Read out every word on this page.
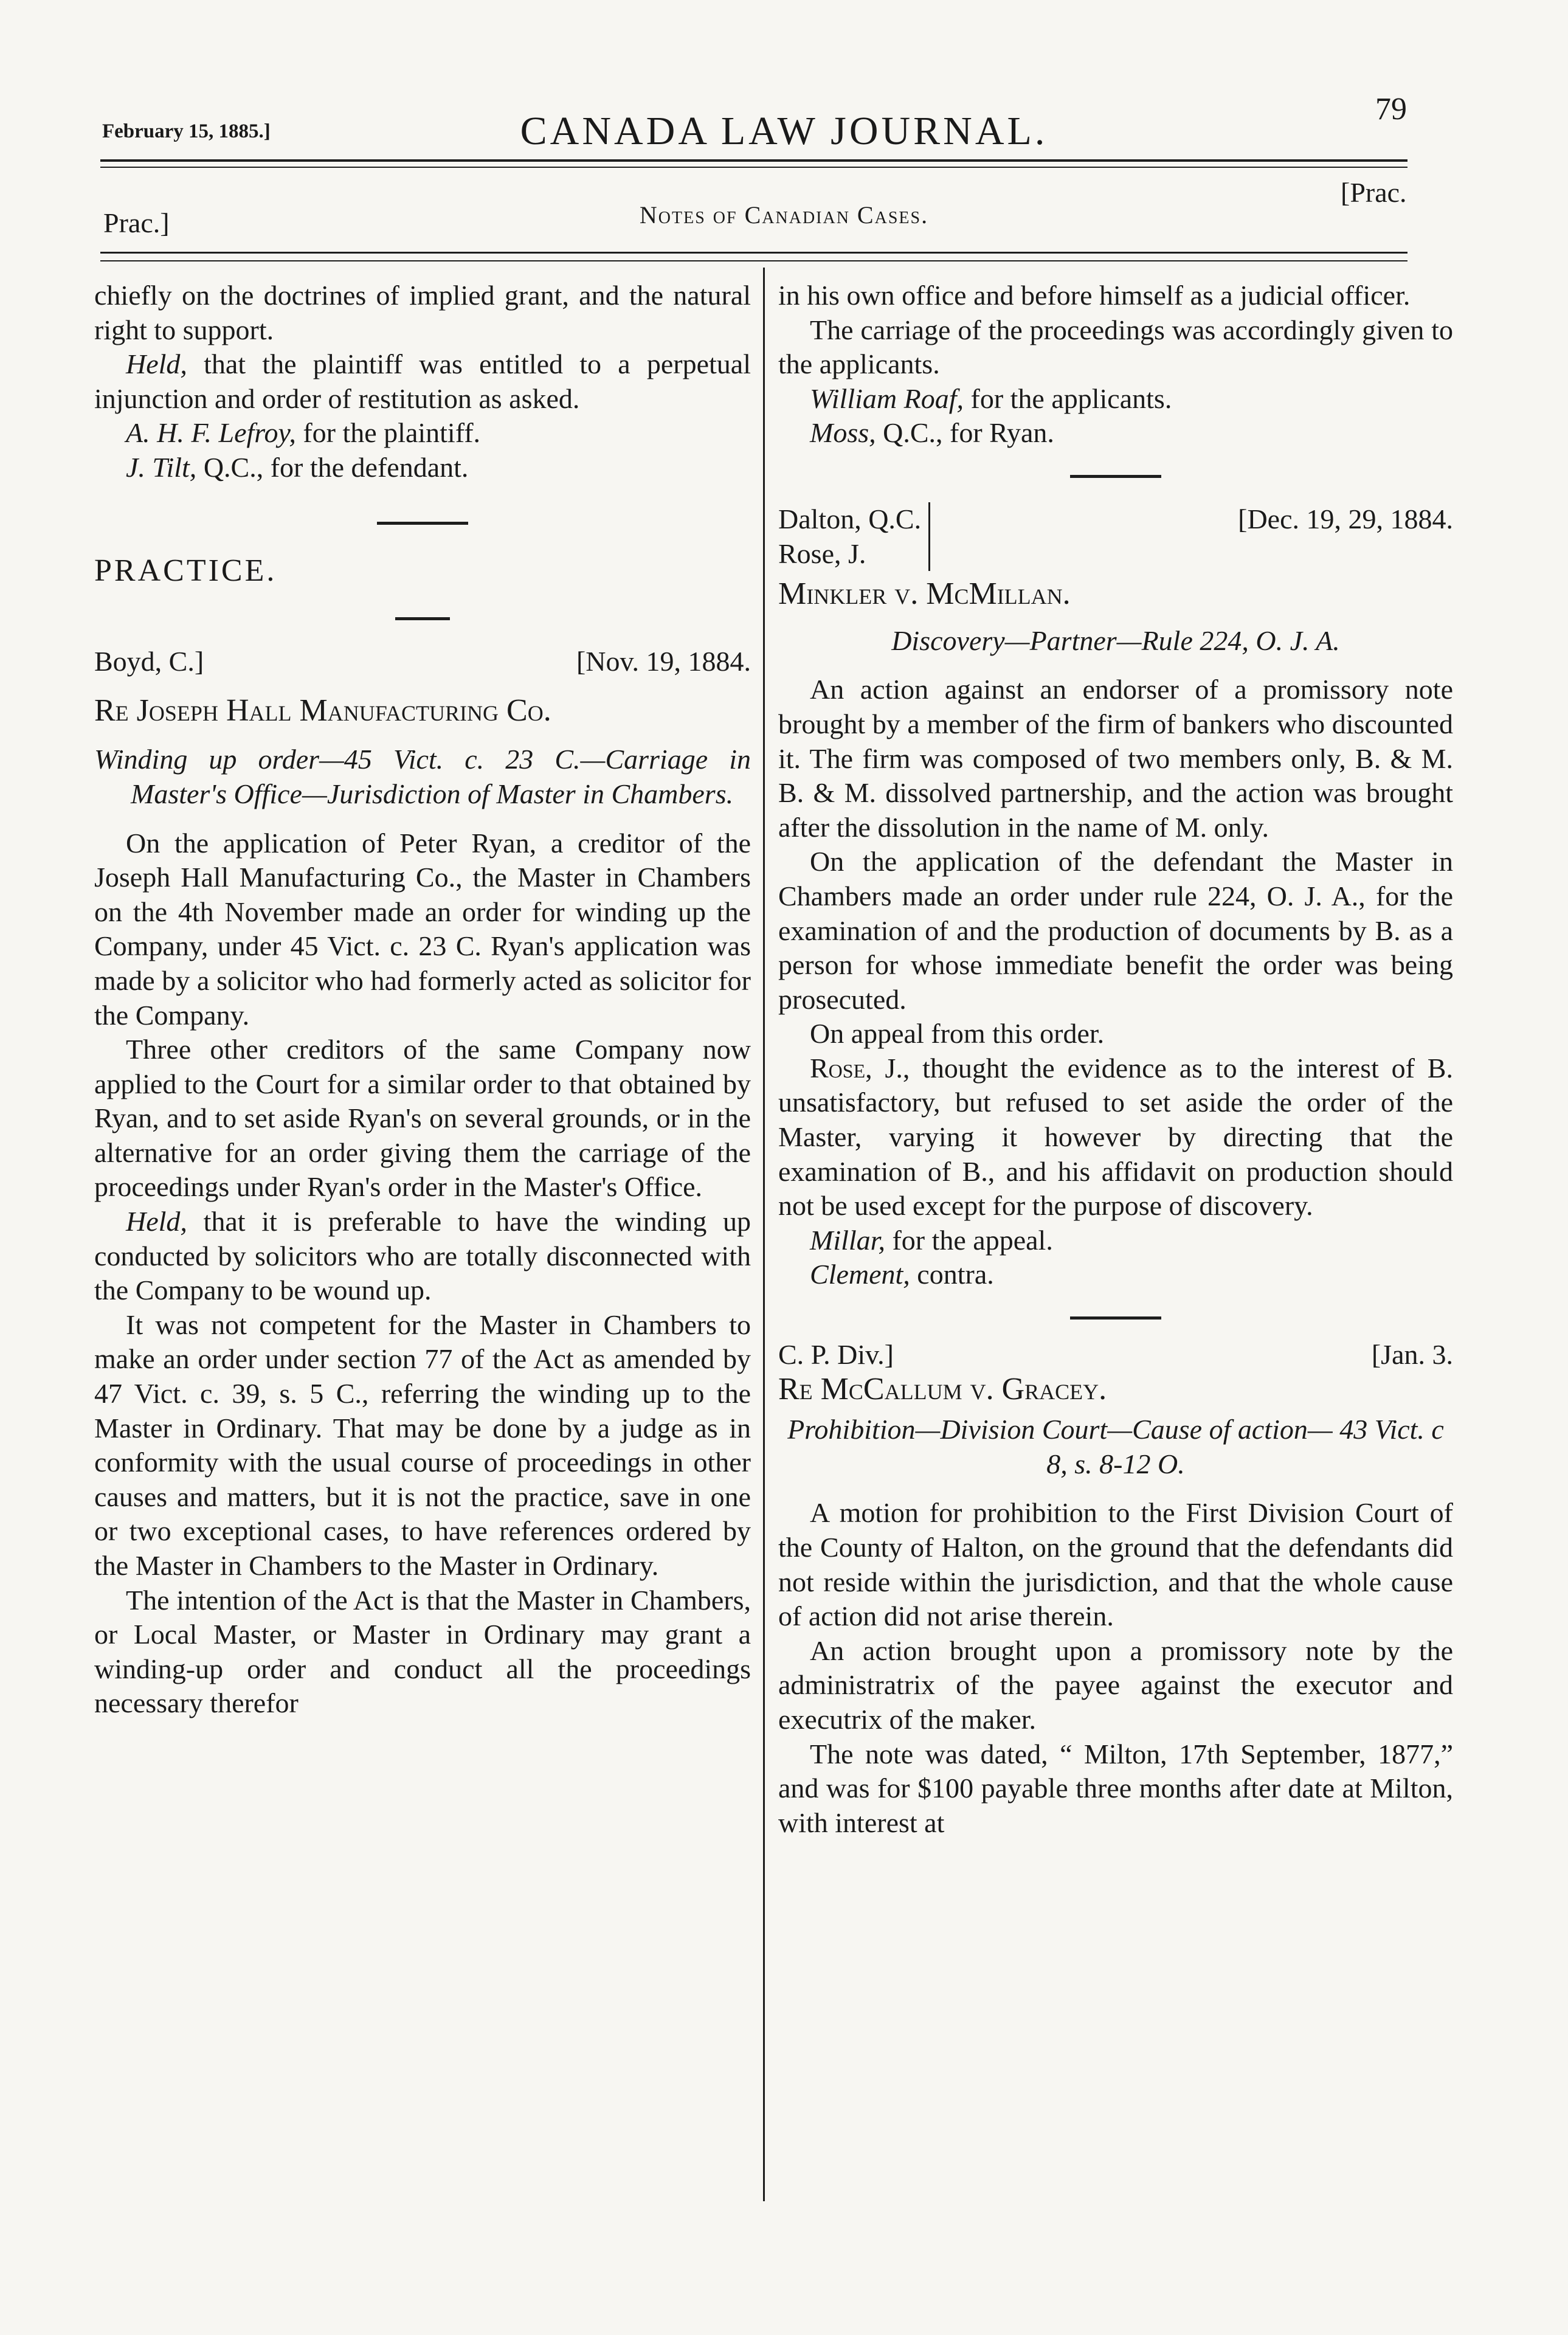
February 15, 1885.]	CANADA LAW JOURNAL.	79
Prac.]	Notes of Canadian Cases.
[Prac.

chiefly on the doctrines of implied grant, and the natural right to support.

Held, that the plaintiff was entitled to a perpetual injunction and order of restitution as asked.

A. H. F. Lefroy, for the plaintiff.

J. Tilt, Q.C., for the defendant.

PRACTICE.

Boyd, C.]	[Nov. 19, 1884.

Re Joseph Hall Manufacturing Co.

Winding up order—45 Vict. c. 23 C.—Carriage in Master's Office—Jurisdiction of Master in Chambers.

On the application of Peter Ryan, a creditor of the Joseph Hall Manufacturing Co., the Master in Chambers on the 4th November made an order for winding up the Company, under 45 Vict. c. 23 C. Ryan's application was made by a solicitor who had formerly acted as solicitor for the Company.

Three other creditors of the same Company now applied to the Court for a similar order to that obtained by Ryan, and to set aside Ryan's on several grounds, or in the alternative for an order giving them the carriage of the proceedings under Ryan's order in the Master's Office.

Held, that it is preferable to have the winding up conducted by solicitors who are totally disconnected with the Company to be wound up.

It was not competent for the Master in Chambers to make an order under section 77 of the Act as amended by 47 Vict. c. 39, s. 5 C., referring the winding up to the Master in Ordinary. That may be done by a judge as in conformity with the usual course of proceedings in other causes and matters, but it is not the practice, save in one or two exceptional cases, to have references ordered by the Master in Chambers to the Master in Ordinary.

The intention of the Act is that the Master in Chambers, or Local Master, or Master in Ordinary may grant a winding-up order and conduct all the proceedings necessary therefor

in his own office and before himself as a judicial officer.

The carriage of the proceedings was accordingly given to the applicants.

William Roaf, for the applicants.

Moss, Q.C., for Ryan.

Dalton, Q.C.
Rose, J.
[Dec. 19, 29, 1884.

Minkler v. McMillan.

Discovery—Partner—Rule 224, O. J. A.

An action against an endorser of a promissory note brought by a member of the firm of bankers who discounted it. The firm was composed of two members only, B. & M. B. & M. dissolved partnership, and the action was brought after the dissolution in the name of M. only.

On the application of the defendant the Master in Chambers made an order under rule 224, O. J. A., for the examination of and the production of documents by B. as a person for whose immediate benefit the order was being prosecuted.

On appeal from this order.

Rose, J., thought the evidence as to the interest of B. unsatisfactory, but refused to set aside the order of the Master, varying it however by directing that the examination of B., and his affidavit on production should not be used except for the purpose of discovery.

Millar, for the appeal.

Clement, contra.

C. P. Div.]	[Jan. 3.

Re McCallum v. Gracey.

Prohibition—Division Court—Cause of action— 43 Vict. c 8, s. 8-12 O.

A motion for prohibition to the First Division Court of the County of Halton, on the ground that the defendants did not reside within the jurisdiction, and that the whole cause of action did not arise therein.

An action brought upon a promissory note by the administratrix of the payee against the executor and executrix of the maker.

The note was dated, “ Milton, 17th September, 1877,” and was for $100 payable three months after date at Milton, with interest at
